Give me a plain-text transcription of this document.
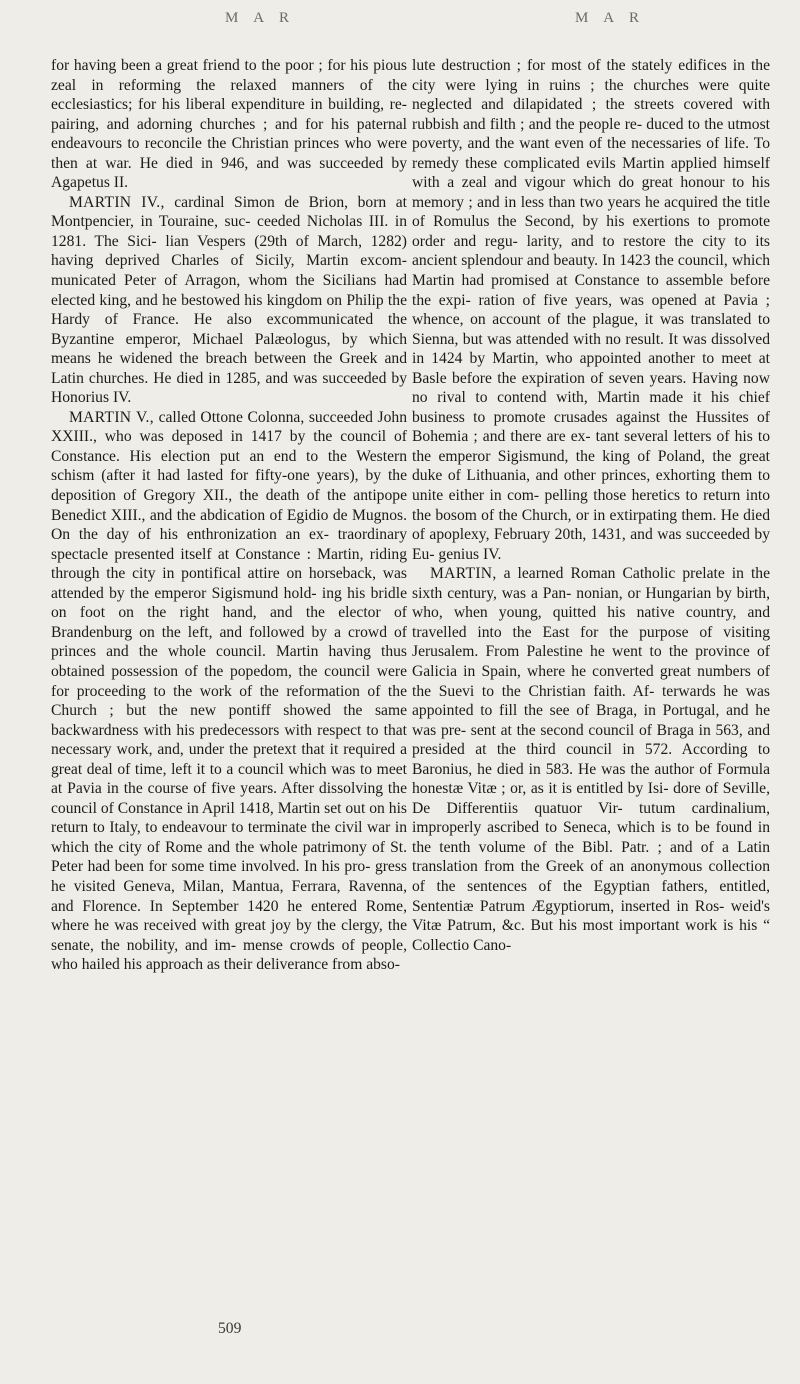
M A R	M A R

for having been a great friend to the poor ; for his pious zeal in reforming the relaxed manners of the ecclesiastics; for his liberal expenditure in building, re- pairing, and adorning churches ; and for his paternal endeavours to reconcile the Christian princes who were then at war. He died in 946, and was succeeded by Agapetus II.

MARTIN IV., cardinal Simon de Brion, born at Montpencier, in Touraine, suc- ceeded Nicholas III. in 1281. The Sici- lian Vespers (29th of March, 1282) having deprived Charles of Sicily, Martin excom- municated Peter of Arragon, whom the Sicilians had elected king, and he bestowed his kingdom on Philip the Hardy of France. He also excommunicated the Byzantine emperor, Michael Palæologus, by which means he widened the breach between the Greek and Latin churches. He died in 1285, and was succeeded by Honorius IV.

MARTIN V., called Ottone Colonna, succeeded John XXIII., who was deposed in 1417 by the council of Constance. His election put an end to the Western schism (after it had lasted for fifty-one years), by the deposition of Gregory XII., the death of the antipope Benedict XIII., and the abdication of Egidio de Mugnos. On the day of his enthronization an ex- traordinary spectacle presented itself at Constance : Martin, riding through the city in pontifical attire on horseback, was attended by the emperor Sigismund hold- ing his bridle on foot on the right hand, and the elector of Brandenburg on the left, and followed by a crowd of princes and the whole council. Martin having thus obtained possession of the popedom, the council were for proceeding to the work of the reformation of the Church ; but the new pontiff showed the same backwardness with his predecessors with respect to that necessary work, and, under the pretext that it required a great deal of time, left it to a council which was to meet at Pavia in the course of five years. After dissolving the council of Constance in April 1418, Martin set out on his return to Italy, to endeavour to terminate the civil war in which the city of Rome and the whole patrimony of St. Peter had been for some time involved. In his pro- gress he visited Geneva, Milan, Mantua, Ferrara, Ravenna, and Florence. In September 1420 he entered Rome, where he was received with great joy by the clergy, the senate, the nobility, and im- mense crowds of people, who hailed his approach as their deliverance from abso-

lute destruction ; for most of the stately edifices in the city were lying in ruins ; the churches were quite neglected and dilapidated ; the streets covered with rubbish and filth ; and the people re- duced to the utmost poverty, and the want even of the necessaries of life. To remedy these complicated evils Martin applied himself with a zeal and vigour which do great honour to his memory ; and in less than two years he acquired the title of Romulus the Second, by his exertions to promote order and regu- larity, and to restore the city to its ancient splendour and beauty. In 1423 the council, which Martin had promised at Constance to assemble before the expi- ration of five years, was opened at Pavia ; whence, on account of the plague, it was translated to Sienna, but was attended with no result. It was dissolved in 1424 by Martin, who appointed another to meet at Basle before the expiration of seven years. Having now no rival to contend with, Martin made it his chief business to promote crusades against the Hussites of Bohemia ; and there are ex- tant several letters of his to the emperor Sigismund, the king of Poland, the great duke of Lithuania, and other princes, exhorting them to unite either in com- pelling those heretics to return into the bosom of the Church, or in extirpating them. He died of apoplexy, February 20th, 1431, and was succeeded by Eu- genius IV.

MARTIN, a learned Roman Catholic prelate in the sixth century, was a Pan- nonian, or Hungarian by birth, who, when young, quitted his native country, and travelled into the East for the purpose of visiting Jerusalem. From Palestine he went to the province of Galicia in Spain, where he converted great numbers of the Suevi to the Christian faith. Af- terwards he was appointed to fill the see of Braga, in Portugal, and he was pre- sent at the second council of Braga in 563, and presided at the third council in 572. According to Baronius, he died in 583. He was the author of Formula honestæ Vitæ ; or, as it is entitled by Isi- dore of Seville, De Differentiis quatuor Vir- tutum cardinalium, improperly ascribed to Seneca, which is to be found in the tenth volume of the Bibl. Patr. ; and of a Latin translation from the Greek of an anonymous collection of the sentences of the Egyptian fathers, entitled, Sententiæ Patrum Ægyptiorum, inserted in Ros- weid's Vitæ Patrum, &c. But his most important work is his “ Collectio Cano-

509
